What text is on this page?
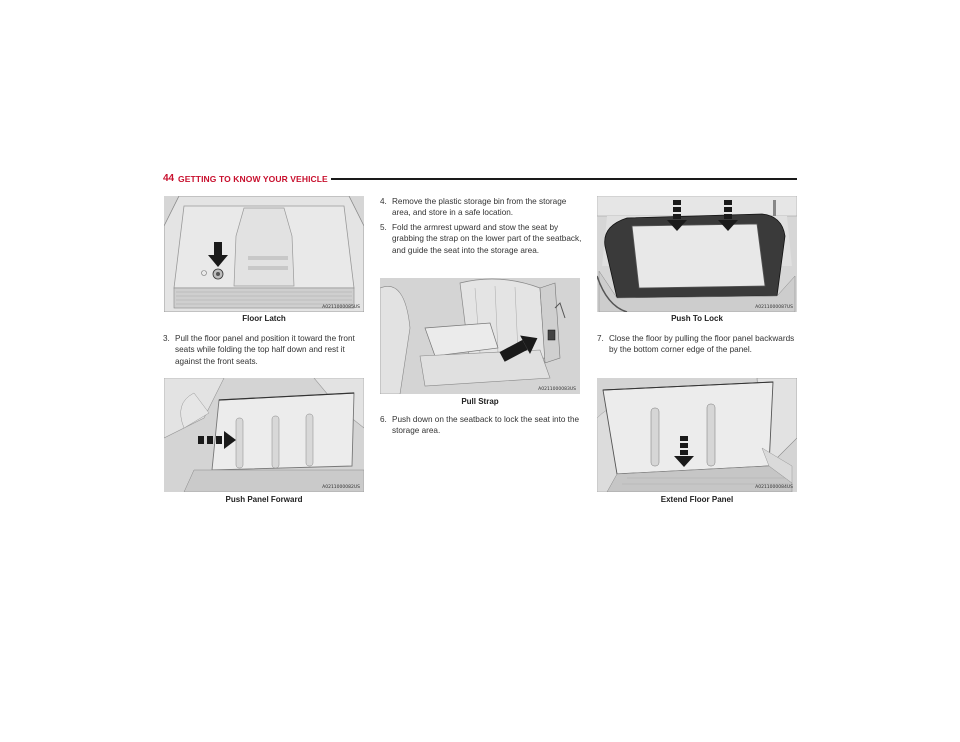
44 GETTING TO KNOW YOUR VEHICLE
A0211000085US
Floor Latch
3. Pull the floor panel and position it toward the front seats while folding the top half down and rest it against the front seats.
A0211000082US
Push Panel Forward
4. Remove the plastic storage bin from the storage area, and store in a safe location.
5. Fold the armrest upward and stow the seat by grabbing the strap on the lower part of the seatback, and guide the seat into the storage area.
A0211000083US
Pull Strap
6. Push down on the seatback to lock the seat into the storage area.
A0211000087US
Push To Lock
7. Close the floor by pulling the floor panel backwards by the bottom corner edge of the panel.
A0211000084US
Extend Floor Panel
